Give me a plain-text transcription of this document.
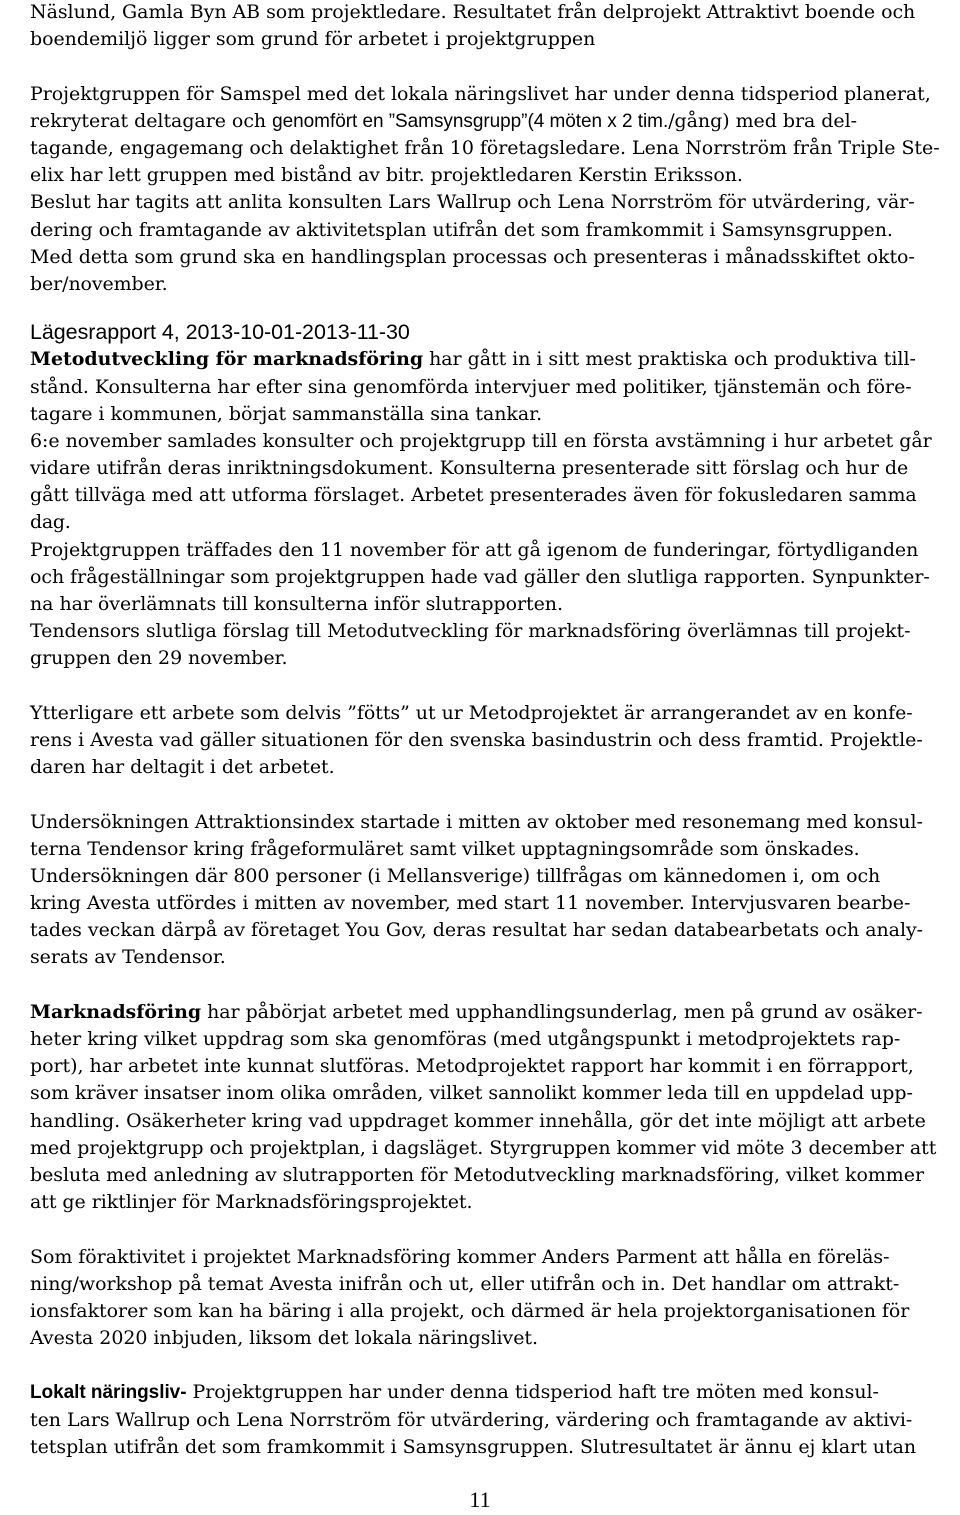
Näslund, Gamla Byn AB som projektledare. Resultatet från delprojekt Attraktivt boende och
boendemiljö ligger som grund för arbetet i projektgruppen
Projektgruppen för Samspel med det lokala näringslivet har under denna tidsperiod planerat,
rekryterat deltagare och genomfört en ”Samsynsgrupp”(4 möten x 2 tim./gång) med bra del-
tagande, engagemang och delaktighet från 10 företagsledare. Lena Norrström från Triple Ste-
elix har lett gruppen med bistånd av bitr. projektledaren Kerstin Eriksson.
Beslut har tagits att anlita konsulten Lars Wallrup och Lena Norrström för utvärdering, vär-
dering och framtagande av aktivitetsplan utifrån det som framkommit i Samsynsgruppen.
Med detta som grund ska en handlingsplan processas och presenteras i månadsskiftet okto-
ber/november.
Lägesrapport 4, 2013-10-01-2013-11-30
Metodutveckling för marknadsföring har gått in i sitt mest praktiska och produktiva till-
stånd. Konsulterna har efter sina genomförda intervjuer med politiker, tjänstemän och före-
tagare i kommunen, börjat sammanställa sina tankar.
6:e november samlades konsulter och projektgrupp till en första avstämning i hur arbetet går
vidare utifrån deras inriktningsdokument. Konsulterna presenterade sitt förslag och hur de
gått tillväga med att utforma förslaget. Arbetet presenterades även för fokusledaren samma
dag.
Projektgruppen träffades den 11 november för att gå igenom de funderingar, förtydliganden
och frågeställningar som projektgruppen hade vad gäller den slutliga rapporten. Synpunkter-
na har överlämnats till konsulterna inför slutrapporten.
Tendensors slutliga förslag till Metodutveckling för marknadsföring överlämnas till projekt-
gruppen den 29 november.
Ytterligare ett arbete som delvis ”fötts” ut ur Metodprojektet är arrangerandet av en konfe-
rens i Avesta vad gäller situationen för den svenska basindustrin och dess framtid. Projektle-
daren har deltagit i det arbetet.
Undersökningen Attraktionsindex startade i mitten av oktober med resonemang med konsul-
terna Tendensor kring frågeformuläret samt vilket upptagningsområde som önskades.
Undersökningen där 800 personer (i Mellansverige) tillfrågas om kännedomen i, om och
kring Avesta utfördes i mitten av november, med start 11 november. Intervjusvaren bearbe-
tades veckan därpå av företaget You Gov, deras resultat har sedan databearbetats och analy-
serats av Tendensor.
Marknadsföring har påbörjat arbetet med upphandlingsunderlag, men på grund av osäker-
heter kring vilket uppdrag som ska genomföras (med utgångspunkt i metodprojektets rap-
port), har arbetet inte kunnat slutföras. Metodprojektet rapport har kommit i en förrapport,
som kräver insatser inom olika områden, vilket sannolikt kommer leda till en uppdelad upp-
handling. Osäkerheter kring vad uppdraget kommer innehålla, gör det inte möjligt att arbete
med projektgrupp och projektplan, i dagsläget. Styrgruppen kommer vid möte 3 december att
besluta med anledning av slutrapporten för Metodutveckling marknadsföring, vilket kommer
att ge riktlinjer för Marknadsföringsprojektet.
Som föraktivitet i projektet Marknadsföring kommer Anders Parment att hålla en föreläs-
ning/workshop på temat Avesta inifrån och ut, eller utifrån och in. Det handlar om attrakt-
ionsfaktorer som kan ha bäring i alla projekt, och därmed är hela projektorganisationen för
Avesta 2020 inbjuden, liksom det lokala näringslivet.
Lokalt näringsliv- Projektgruppen har under denna tidsperiod haft tre möten med konsul-
ten Lars Wallrup och Lena Norrström för utvärdering, värdering och framtagande av aktivi-
tetsplan utifrån det som framkommit i Samsynsgruppen. Slutresultatet är ännu ej klart utan
11
